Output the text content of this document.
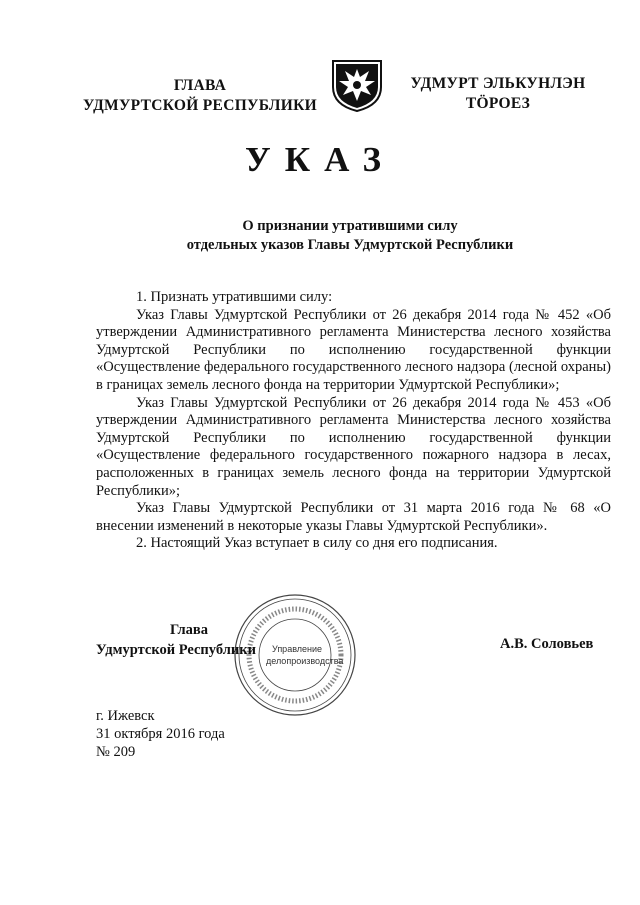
ГЛАВА
УДМУРТСКОЙ РЕСПУБЛИКИ
УДМУРТ ЭЛЬКУНЛЭН
ТӦРОЕЗ
УКАЗ
О признании утратившими силу
отдельных указов Главы Удмуртской Республики

1. Признать утратившими силу:

Указ Главы Удмуртской Республики от 26 декабря 2014 года № 452 «Об утверждении Административного регламента Министерства лесного хозяйства Удмуртской Республики по исполнению государственной функции «Осуществление федерального государственного лесного надзора (лесной охраны) в границах земель лесного фонда на территории Удмуртской Республики»;

Указ Главы Удмуртской Республики от 26 декабря 2014 года № 453 «Об утверждении Административного регламента Министерства лесного хозяйства Удмуртской Республики по исполнению государственной функции «Осуществление федерального государственного пожарного надзора в лесах, расположенных в границах земель лесного фонда на территории Удмуртской Республики»;

Указ Главы Удмуртской Республики от 31 марта 2016 года № 68 «О внесении изменений в некоторые указы Главы Удмуртской Республики».

2. Настоящий Указ вступает в силу со дня его подписания.

Управление
делопроизводства
Глава
Удмуртской Республики	А.В. Соловьев
г. Ижевск
31 октября 2016 года
№ 209
